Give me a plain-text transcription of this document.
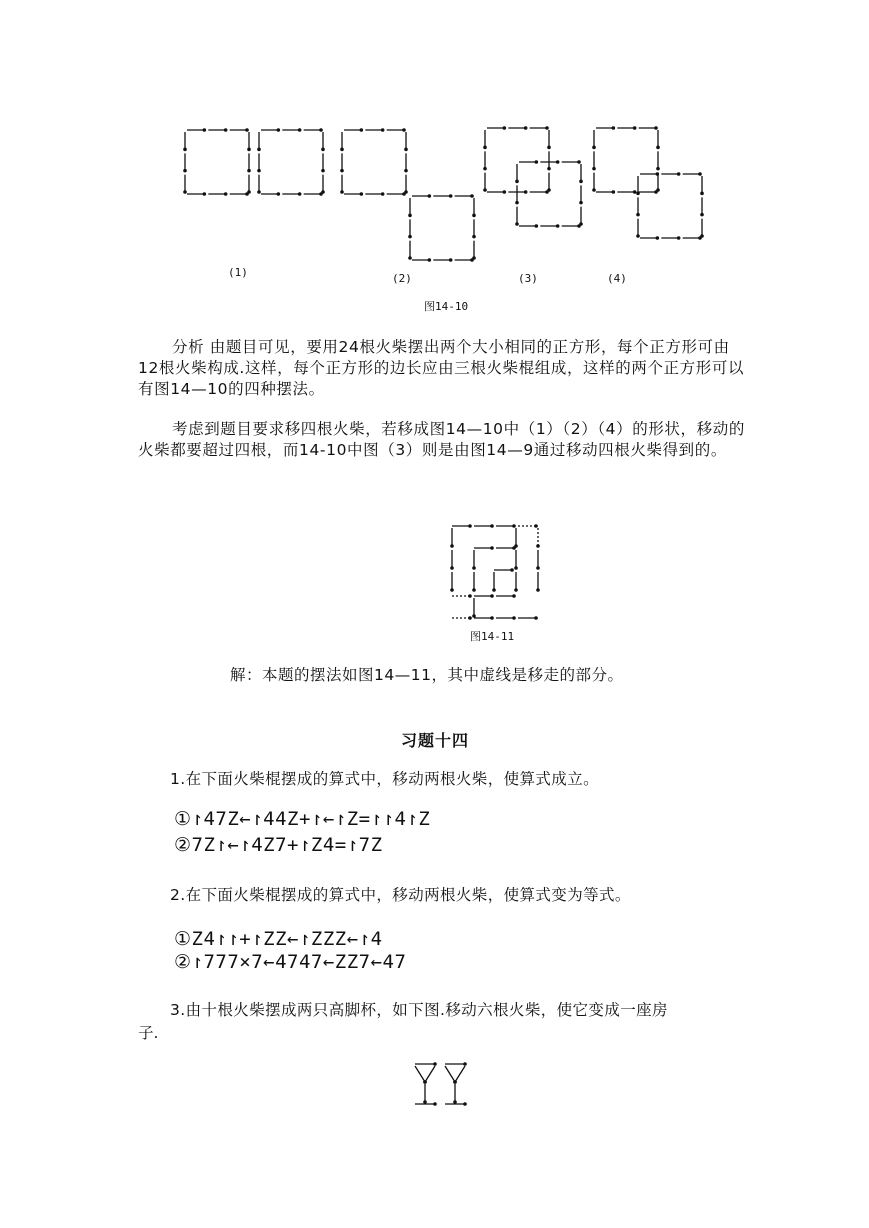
(1)	(2)	(3)	(4)
图14-10

分析 由题目可见，要用24根火柴摆出两个大小相同的正方形，每个正方形可由12根火柴构成.这样，每个正方形的边长应由三根火柴棍组成，这样的两个正方形可以有图14—10的四种摆法。

考虑到题目要求移四根火柴，若移成图14—10中（1）（2）（4）的形状，移动的火柴都要超过四根，而14-10中图（3）则是由图14—9通过移动四根火柴得到的。

图14-11
解：本题的摆法如图14—11，其中虚线是移走的部分。
习题十四
1.在下面火柴棍摆成的算式中，移动两根火柴，使算式成立。
①↾47Z←↾44Z+↾←↾Z=↾↾4↾Z
②7Z↾←↾4Z7+↾Z4=↾7Z
2.在下面火柴棍摆成的算式中，移动两根火柴，使算式变为等式。
①Z4↾↾+↾ZZ←↾ZZZ←↾4
②↾777×7←4747←ZZ7←47
3.由十根火柴摆成两只高脚杯，如下图.移动六根火柴，使它变成一座房
子.
